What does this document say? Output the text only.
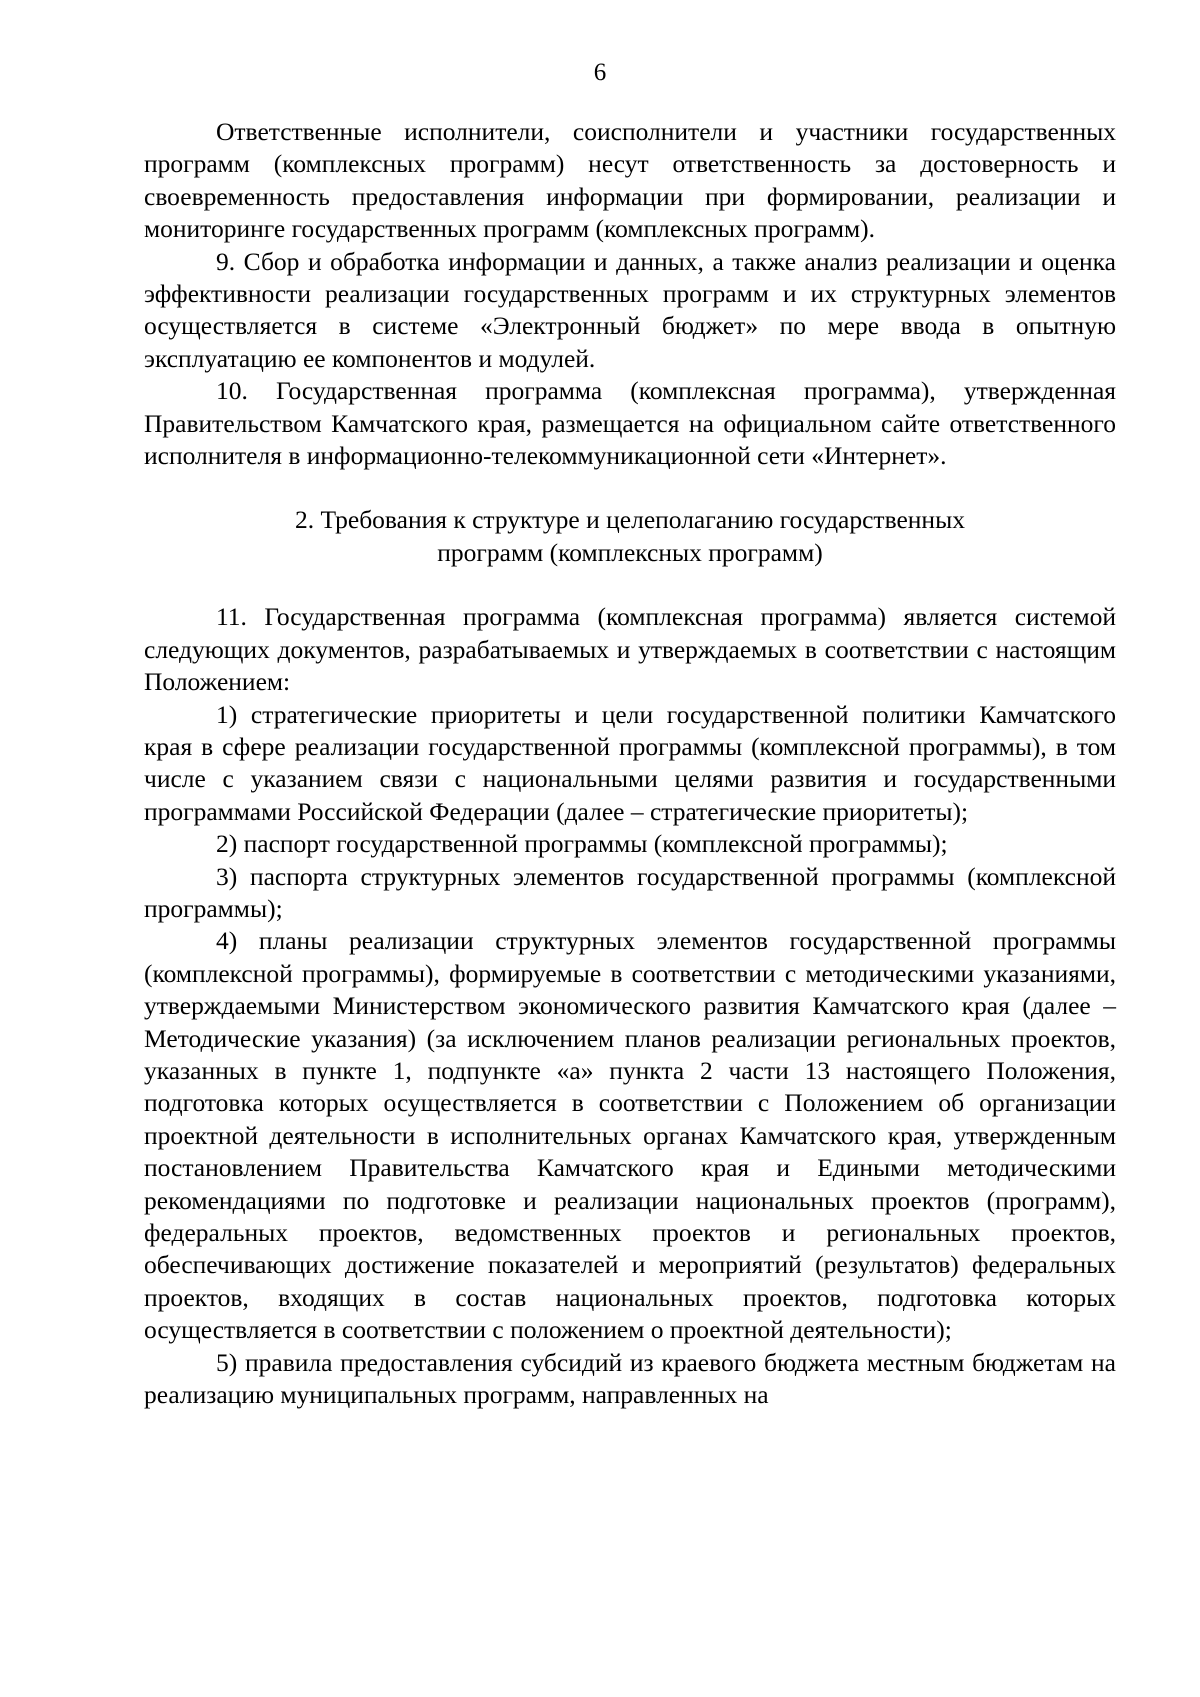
6

Ответственные исполнители, соисполнители и участники государственных программ (комплексных программ) несут ответственность за достоверность и своевременность предоставления информации при формировании, реализации и мониторинге государственных программ (комплексных программ).

9. Сбор и обработка информации и данных, а также анализ реализации и оценка эффективности реализации государственных программ и их структурных элементов осуществляется в системе «Электронный бюджет» по мере ввода в опытную эксплуатацию ее компонентов и модулей.

10. Государственная программа (комплексная программа), утвержденная Правительством Камчатского края, размещается на официальном сайте ответственного исполнителя в информационно-телекоммуникационной сети «Интернет».

2. Требования к структуре и целеполаганию государственных
программ (комплексных программ)

11. Государственная программа (комплексная программа) является системой следующих документов, разрабатываемых и утверждаемых в соответствии с настоящим Положением:

1) стратегические приоритеты и цели государственной политики Камчатского края в сфере реализации государственной программы (комплексной программы), в том числе с указанием связи с национальными целями развития и государственными программами Российской Федерации (далее – стратегические приоритеты);

2) паспорт государственной программы (комплексной программы);

3) паспорта структурных элементов государственной программы (комплексной программы);

4) планы реализации структурных элементов государственной программы (комплексной программы), формируемые в соответствии с методическими указаниями, утверждаемыми Министерством экономического развития Камчатского края (далее – Методические указания) (за исключением планов реализации региональных проектов, указанных в пункте 1, подпункте «а» пункта 2 части 13 настоящего Положения, подготовка которых осуществляется в соответствии с Положением об организации проектной деятельности в исполнительных органах Камчатского края, утвержденным постановлением Правительства Камчатского края и Едиными методическими рекомендациями по подготовке и реализации национальных проектов (программ), федеральных проектов, ведомственных проектов и региональных проектов, обеспечивающих достижение показателей и мероприятий (результатов) федеральных проектов, входящих в состав национальных проектов, подготовка которых осуществляется в соответствии с положением о проектной деятельности);

5) правила предоставления субсидий из краевого бюджета местным бюджетам на реализацию муниципальных программ, направленных на
